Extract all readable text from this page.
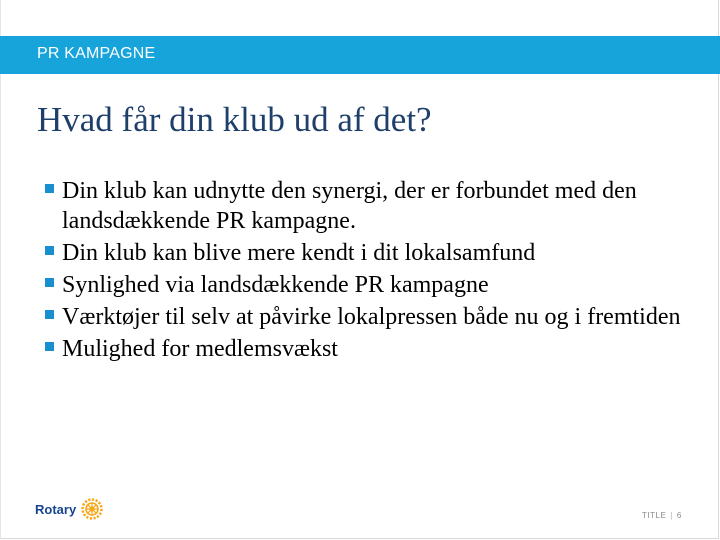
PR KAMPAGNE
Hvad får din klub ud af det?
Din klub kan udnytte den synergi, der er forbundet med den landsdækkende PR kampagne.
Din klub kan blive mere kendt i dit lokalsamfund
Synlighed via landsdækkende PR kampagne
Værktøjer til selv at påvirke lokalpressen både nu og i fremtiden
Mulighed for medlemsvækst
Rotary	TITLE | 6
